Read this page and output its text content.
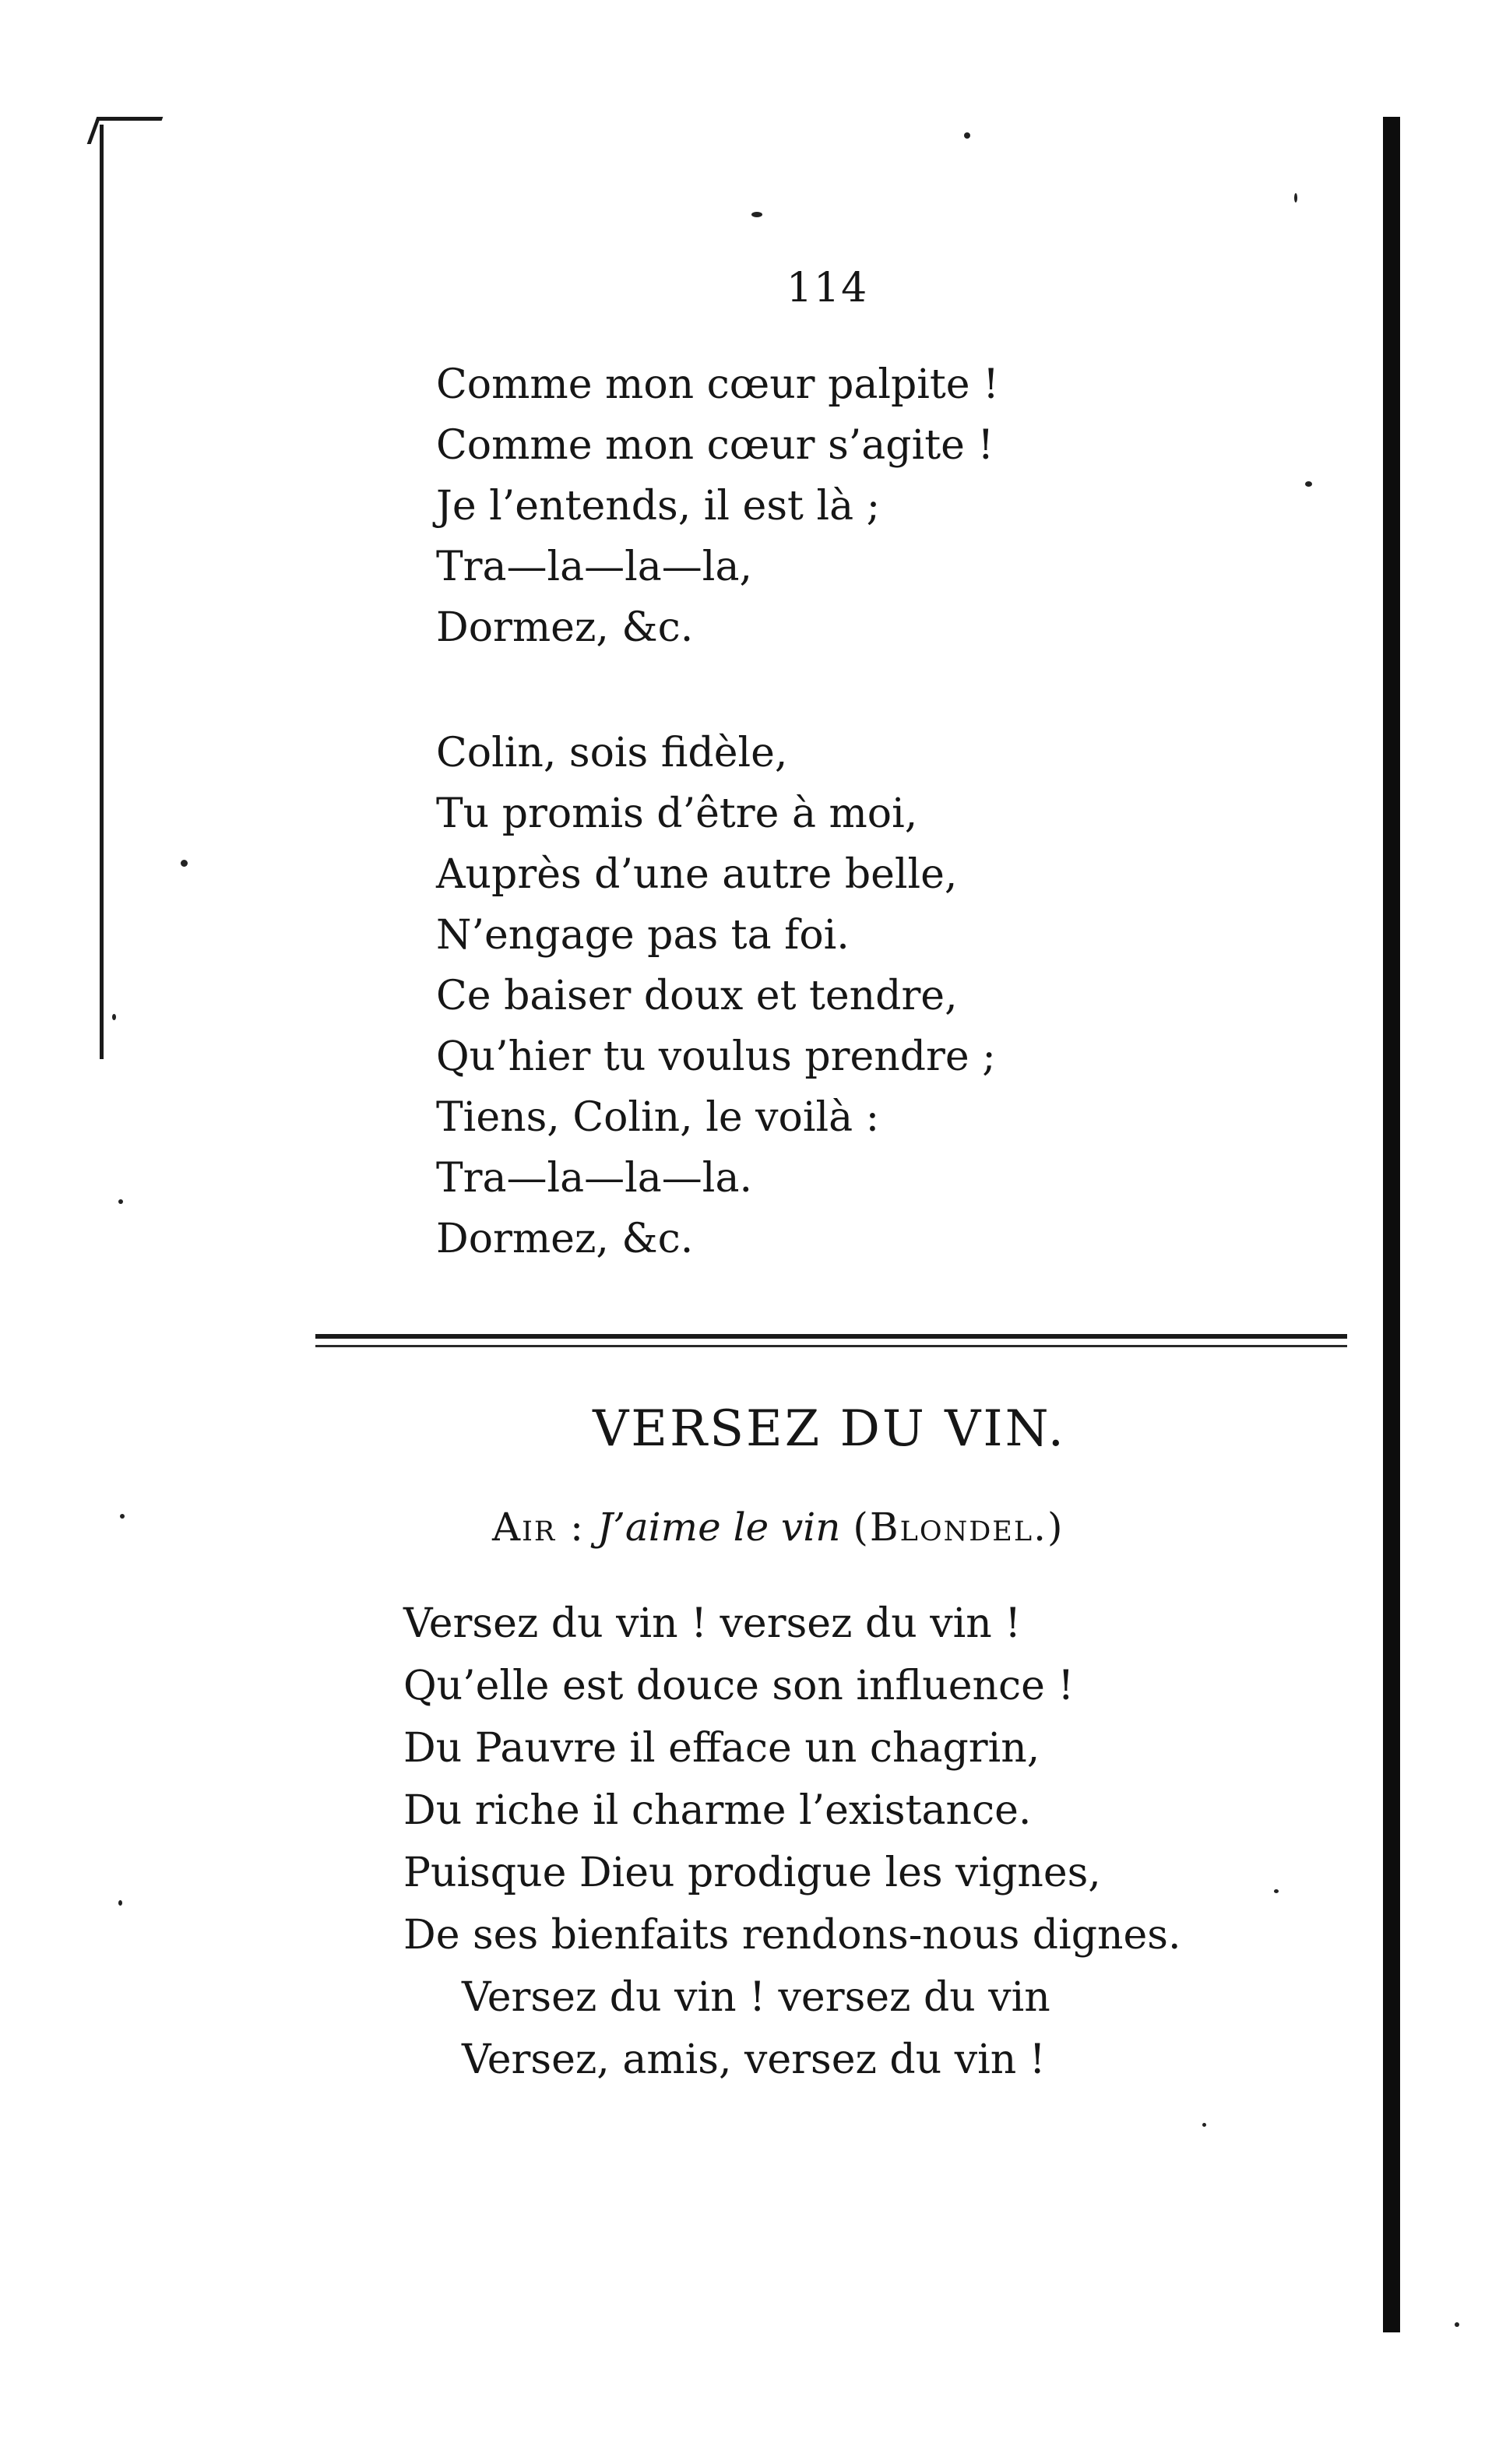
114
Comme mon cœur palpite !
Comme mon cœur s’agite !
Je l’entends, il est là ;
Tra—la—la—la,
Dormez, &c.
Colin, sois fidèle,
Tu promis d’être à moi,
Auprès d’une autre belle,
N’engage pas ta foi.
Ce baiser doux et tendre,
Qu’hier tu voulus prendre ;
Tiens, Colin, le voilà :
Tra—la—la—la.
Dormez, &c.
VERSEZ DU VIN.
Air : J’aime le vin (Blondel.)
Versez du vin ! versez du vin !
Qu’elle est douce son influence !
Du Pauvre il efface un chagrin,
Du riche il charme l’existance.
Puisque Dieu prodigue les vignes,
De ses bienfaits rendons-nous dignes.
Versez du vin ! versez du vin
Versez, amis, versez du vin !
